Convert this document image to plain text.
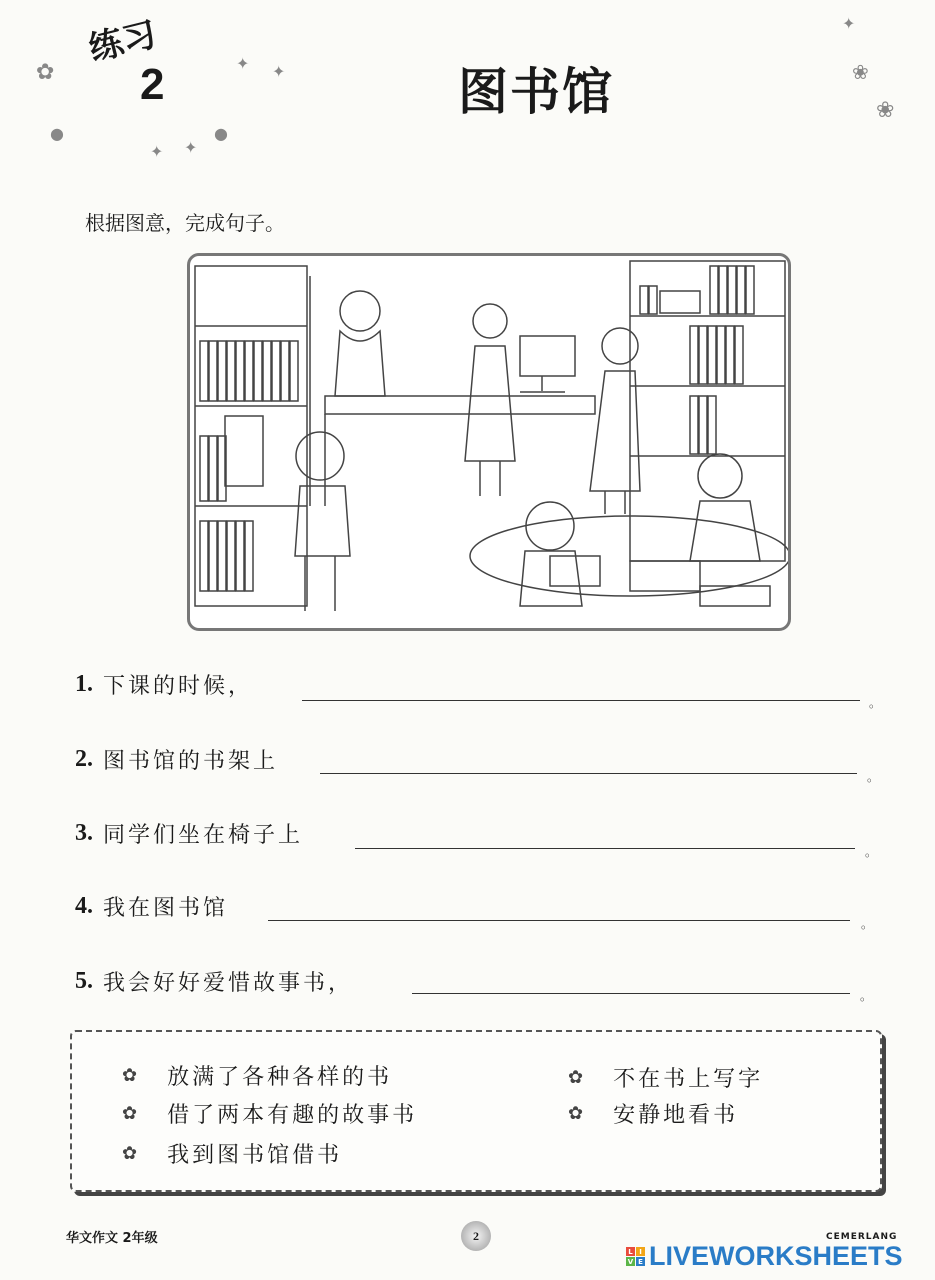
练习
2	图书馆
✦ ✦
✦ ✦
●
●
✿
✦
❀
❀
根据图意，完成句子。
1. 下课的时候，
。
2. 图书馆的书架上
。
3. 同学们坐在椅子上
。
4. 我在图书馆
。
5. 我会好好爱惜故事书，
。
✿ 放满了各种各样的书
✿ 借了两本有趣的故事书
✿ 我到图书馆借书
✿ 不在书上写字
✿ 安静地看书
华文作文 2年级	2	CEMERLANG
L I
V E LIVEWORKSHEETS
